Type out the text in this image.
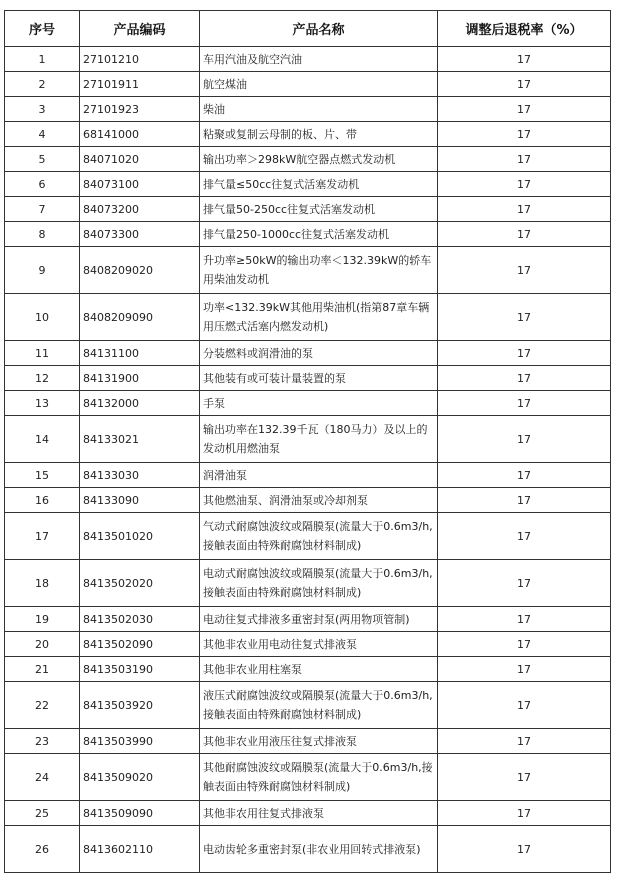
序号	产品编码	产品名称	调整后退税率（%）
1	27101210	车用汽油及航空汽油	17
2	27101911	航空煤油	17
3	27101923	柴油	17
4	68141000	粘聚或复制云母制的板、片、带	17
5	84071020	输出功率＞298kW航空器点燃式发动机	17
6	84073100	排气量≤50cc往复式活塞发动机	17
7	84073200	排气量50-250cc往复式活塞发动机	17
8	84073300	排气量250-1000cc往复式活塞发动机	17
9	8408209020	升功率≥50kW的输出功率＜132.39kW的轿车用柴油发动机	17
10	8408209090	功率<132.39kW其他用柴油机(指第87章车辆用压燃式活塞内燃发动机)	17
11	84131100	分装燃料或润滑油的泵	17
12	84131900	其他装有或可装计量装置的泵	17
13	84132000	手泵	17
14	84133021	输出功率在132.39千瓦（180马力）及以上的发动机用燃油泵	17
15	84133030	润滑油泵	17
16	84133090	其他燃油泵、润滑油泵或冷却剂泵	17
17	8413501020	气动式耐腐蚀波纹或隔膜泵(流量大于0.6m3/h,接触表面由特殊耐腐蚀材料制成)	17
18	8413502020	电动式耐腐蚀波纹或隔膜泵(流量大于0.6m3/h,接触表面由特殊耐腐蚀材料制成)	17
19	8413502030	电动往复式排液多重密封泵(两用物项管制)	17
20	8413502090	其他非农业用电动往复式排液泵	17
21	8413503190	其他非农业用柱塞泵	17
22	8413503920	液压式耐腐蚀波纹或隔膜泵(流量大于0.6m3/h,接触表面由特殊耐腐蚀材料制成)	17
23	8413503990	其他非农业用液压往复式排液泵	17
24	8413509020	其他耐腐蚀波纹或隔膜泵(流量大于0.6m3/h,接触表面由特殊耐腐蚀材料制成)	17
25	8413509090	其他非农用往复式排液泵	17
26	8413602110	电动齿轮多重密封泵(非农业用回转式排液泵)	17
